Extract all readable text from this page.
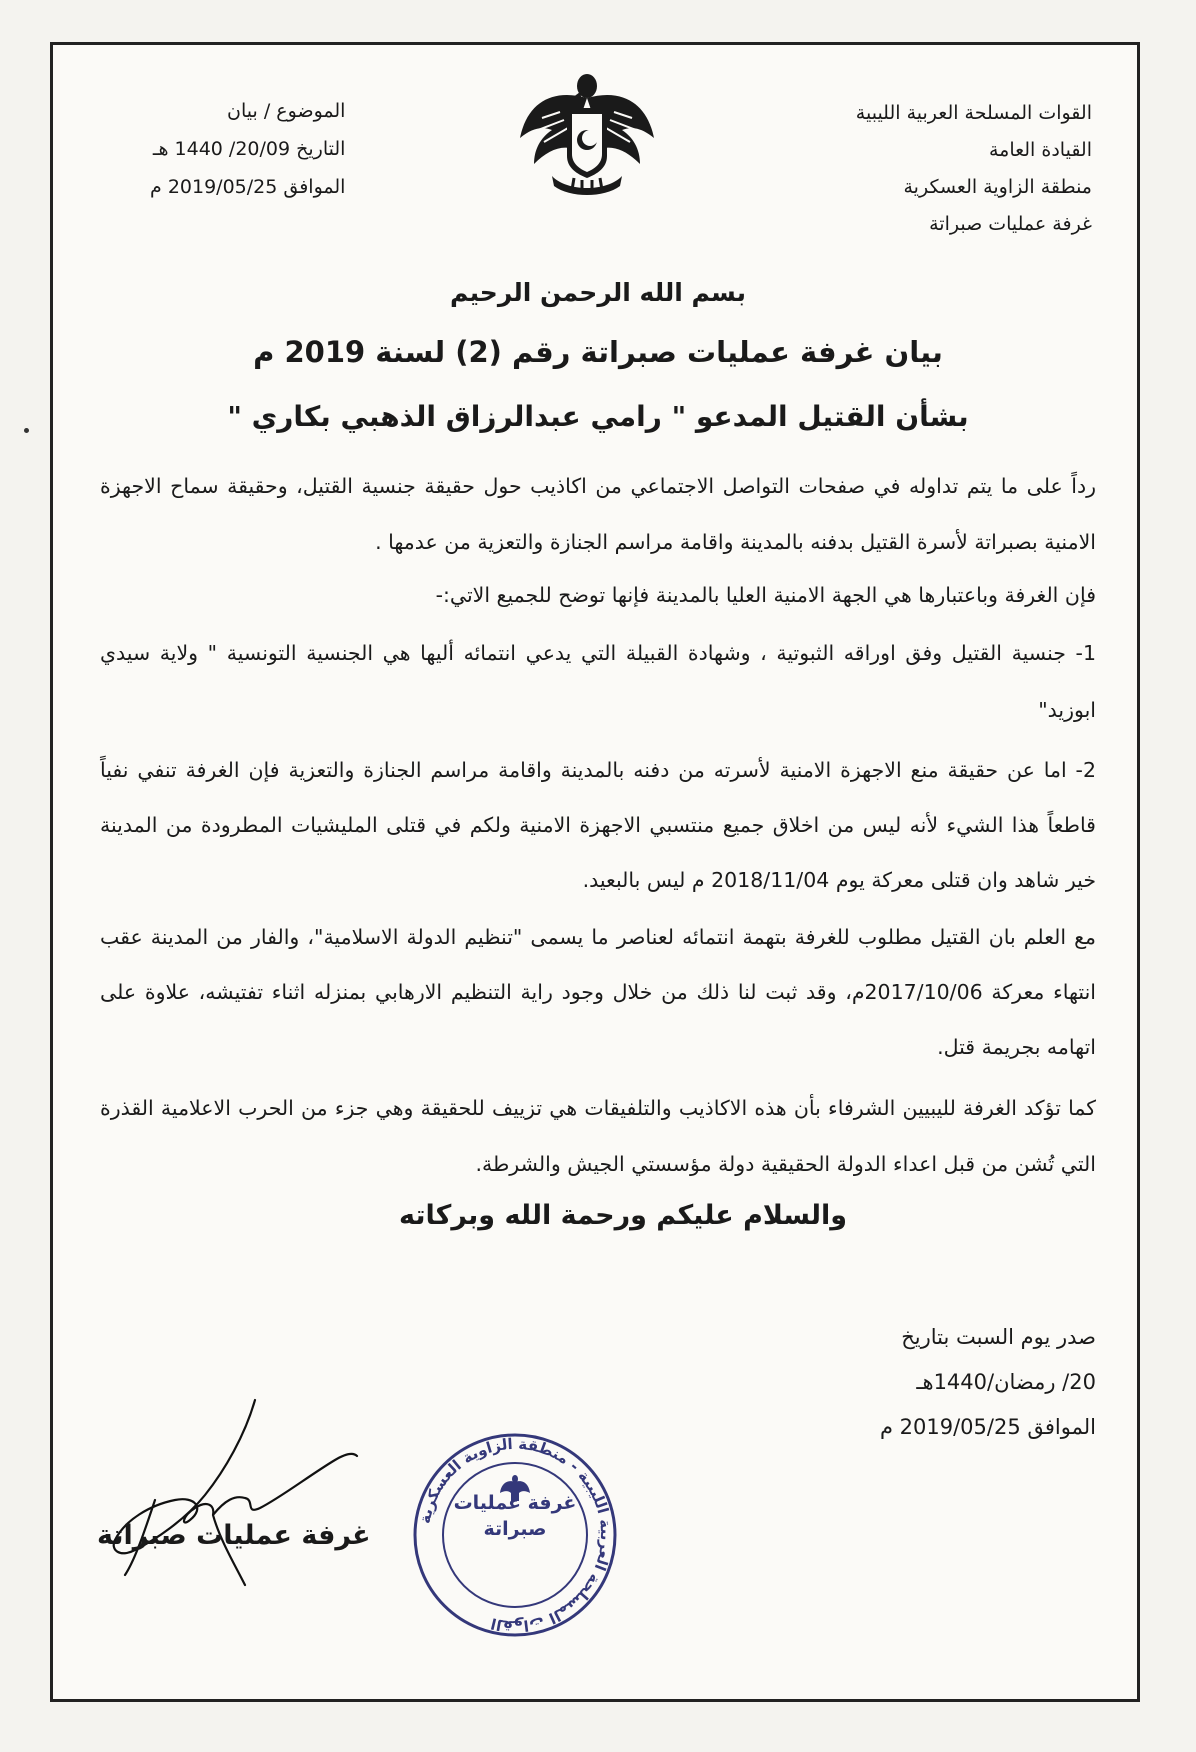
القوات المسلحة العربية الليبية
القيادة العامة
منطقة الزاوية العسكرية
غرفة عمليات صبراتة
الموضوع / بيان
التاريخ 20/09/ 1440 هـ
الموافق 2019/05/25 م
بسم الله الرحمن الرحيم
بيان غرفة عمليات صبراتة رقم (2) لسنة 2019 م
بشأن القتيل المدعو " رامي عبدالرزاق الذهبي بكاري "
رداً على ما يتم تداوله في صفحات التواصل الاجتماعي من اكاذيب حول حقيقة جنسية القتيل، وحقيقة سماح الاجهزة الامنية بصبراتة لأسرة القتيل بدفنه بالمدينة واقامة مراسم الجنازة والتعزية من عدمها .
فإن الغرفة وباعتبارها هي الجهة الامنية العليا بالمدينة فإنها توضح للجميع الاتي:-
1- جنسية القتيل وفق اوراقه الثبوتية ، وشهادة القبيلة التي يدعي انتمائه أليها هي الجنسية التونسية " ولاية سيدي ابوزيد"
2- اما عن حقيقة منع الاجهزة الامنية لأسرته من دفنه بالمدينة واقامة مراسم الجنازة والتعزية فإن الغرفة تنفي نفياً قاطعاً هذا الشيء لأنه ليس من اخلاق جميع منتسبي الاجهزة الامنية ولكم في قتلى المليشيات المطرودة من المدينة خير شاهد وان قتلى معركة يوم 2018/11/04 م ليس بالبعيد.
مع العلم بان القتيل مطلوب للغرفة بتهمة انتمائه لعناصر ما يسمى "تنظيم الدولة الاسلامية"، والفار من المدينة عقب انتهاء معركة 2017/10/06م، وقد ثبت لنا ذلك من خلال وجود راية التنظيم الارهابي بمنزله اثناء تفتيشه، علاوة على اتهامه بجريمة قتل.
كما تؤكد الغرفة لليبيين الشرفاء بأن هذه الاكاذيب والتلفيقات هي تزييف للحقيقة وهي جزء من الحرب الاعلامية القذرة التي تُشن من قبل اعداء الدولة الحقيقية دولة مؤسستي الجيش والشرطة.
والسلام عليكم ورحمة الله وبركاته
صدر يوم السبت بتاريخ
20/ رمضان/1440هـ
الموافق 2019/05/25 م
القوات المسلحة العربية الليبية - منطقة الزاوية العسكرية
غرفة عمليات
صبراتة
غرفة عمليات صبراتة
